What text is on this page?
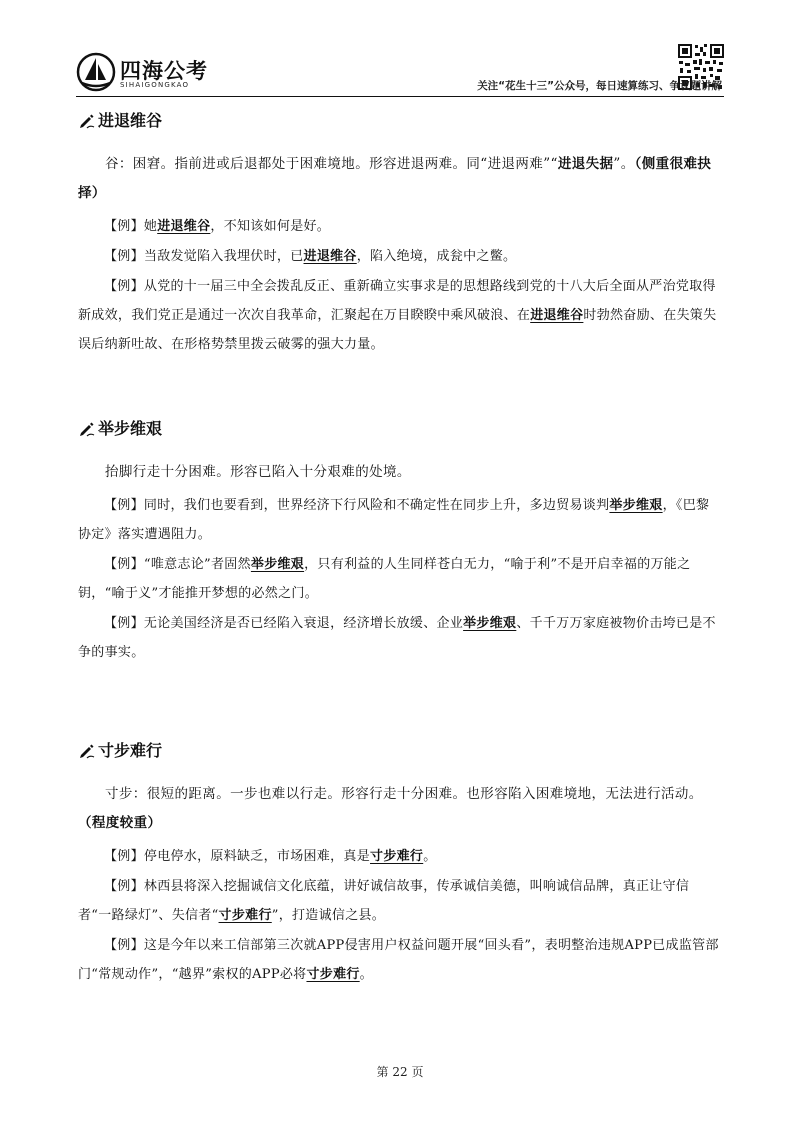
四海公考
SIHAIGONGKAO	关注“花生十三”公众号，每日速算练习、争议题讲解
进退维谷

谷：困窘。指前进或后退都处于困难境地。形容进退两难。同“进退两难”“进退失据”。（侧重很难抉择）

【例】她进退维谷，不知该如何是好。

【例】当敌发觉陷入我埋伏时，已进退维谷，陷入绝境，成瓮中之鳖。

【例】从党的十一届三中全会拨乱反正、重新确立实事求是的思想路线到党的十八大后全面从严治党取得新成效，我们党正是通过一次次自我革命，汇聚起在万目睽睽中乘风破浪、在进退维谷时勃然奋励、在失策失误后纳新吐故、在形格势禁里拨云破雾的强大力量。

举步维艰

抬脚行走十分困难。形容已陷入十分艰难的处境。

【例】同时，我们也要看到，世界经济下行风险和不确定性在同步上升，多边贸易谈判举步维艰，《巴黎协定》落实遭遇阻力。

【例】“唯意志论”者固然举步维艰，只有利益的人生同样苍白无力，“喻于利”不是开启幸福的万能之钥，“喻于义”才能推开梦想的必然之门。

【例】无论美国经济是否已经陷入衰退，经济增长放缓、企业举步维艰、千千万万家庭被物价击垮已是不争的事实。

寸步难行

寸步：很短的距离。一步也难以行走。形容行走十分困难。也形容陷入困难境地，无法进行活动。（程度较重）

【例】停电停水，原料缺乏，市场困难，真是寸步难行。

【例】林西县将深入挖掘诚信文化底蕴，讲好诚信故事，传承诚信美德，叫响诚信品牌，真正让守信者“一路绿灯”、失信者“寸步难行”，打造诚信之县。

【例】这是今年以来工信部第三次就APP侵害用户权益问题开展“回头看”，表明整治违规APP已成监管部门“常规动作”，“越界”索权的APP必将寸步难行。

第 22 页
